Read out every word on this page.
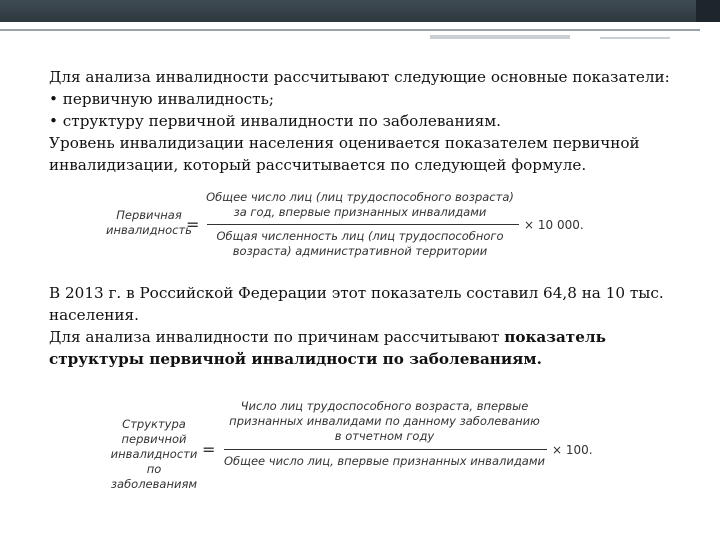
Для анализа инвалидности рассчитывают следующие основные показатели:

• первичную инвалидность;

• структуру первичной инвалидности по заболеваниям.

Уровень инвалидизации населения оценивается показателем первичной

инвалидизации, который рассчитывается по следующей формуле.

Первичная
инвалидность
=
Общее число лиц (лиц трудоспособного возраста)
за год, впервые признанных инвалидами
Общая численность лиц (лиц трудоспособного
возраста) административной территории
× 10 000.

В 2013 г. в Российской Федерации этот показатель составил 64,8 на 10 тыс.

населения.

Для анализа инвалидности по причинам рассчитывают показатель

структуры первичной инвалидности по заболеваниям.

Структура
первичной
инвалидности
по заболеваниям
=
Число лиц трудоспособного возраста, впервые
признанных инвалидами по данному заболеванию
в отчетном году
Общее число лиц, впервые признанных инвалидами
× 100.
